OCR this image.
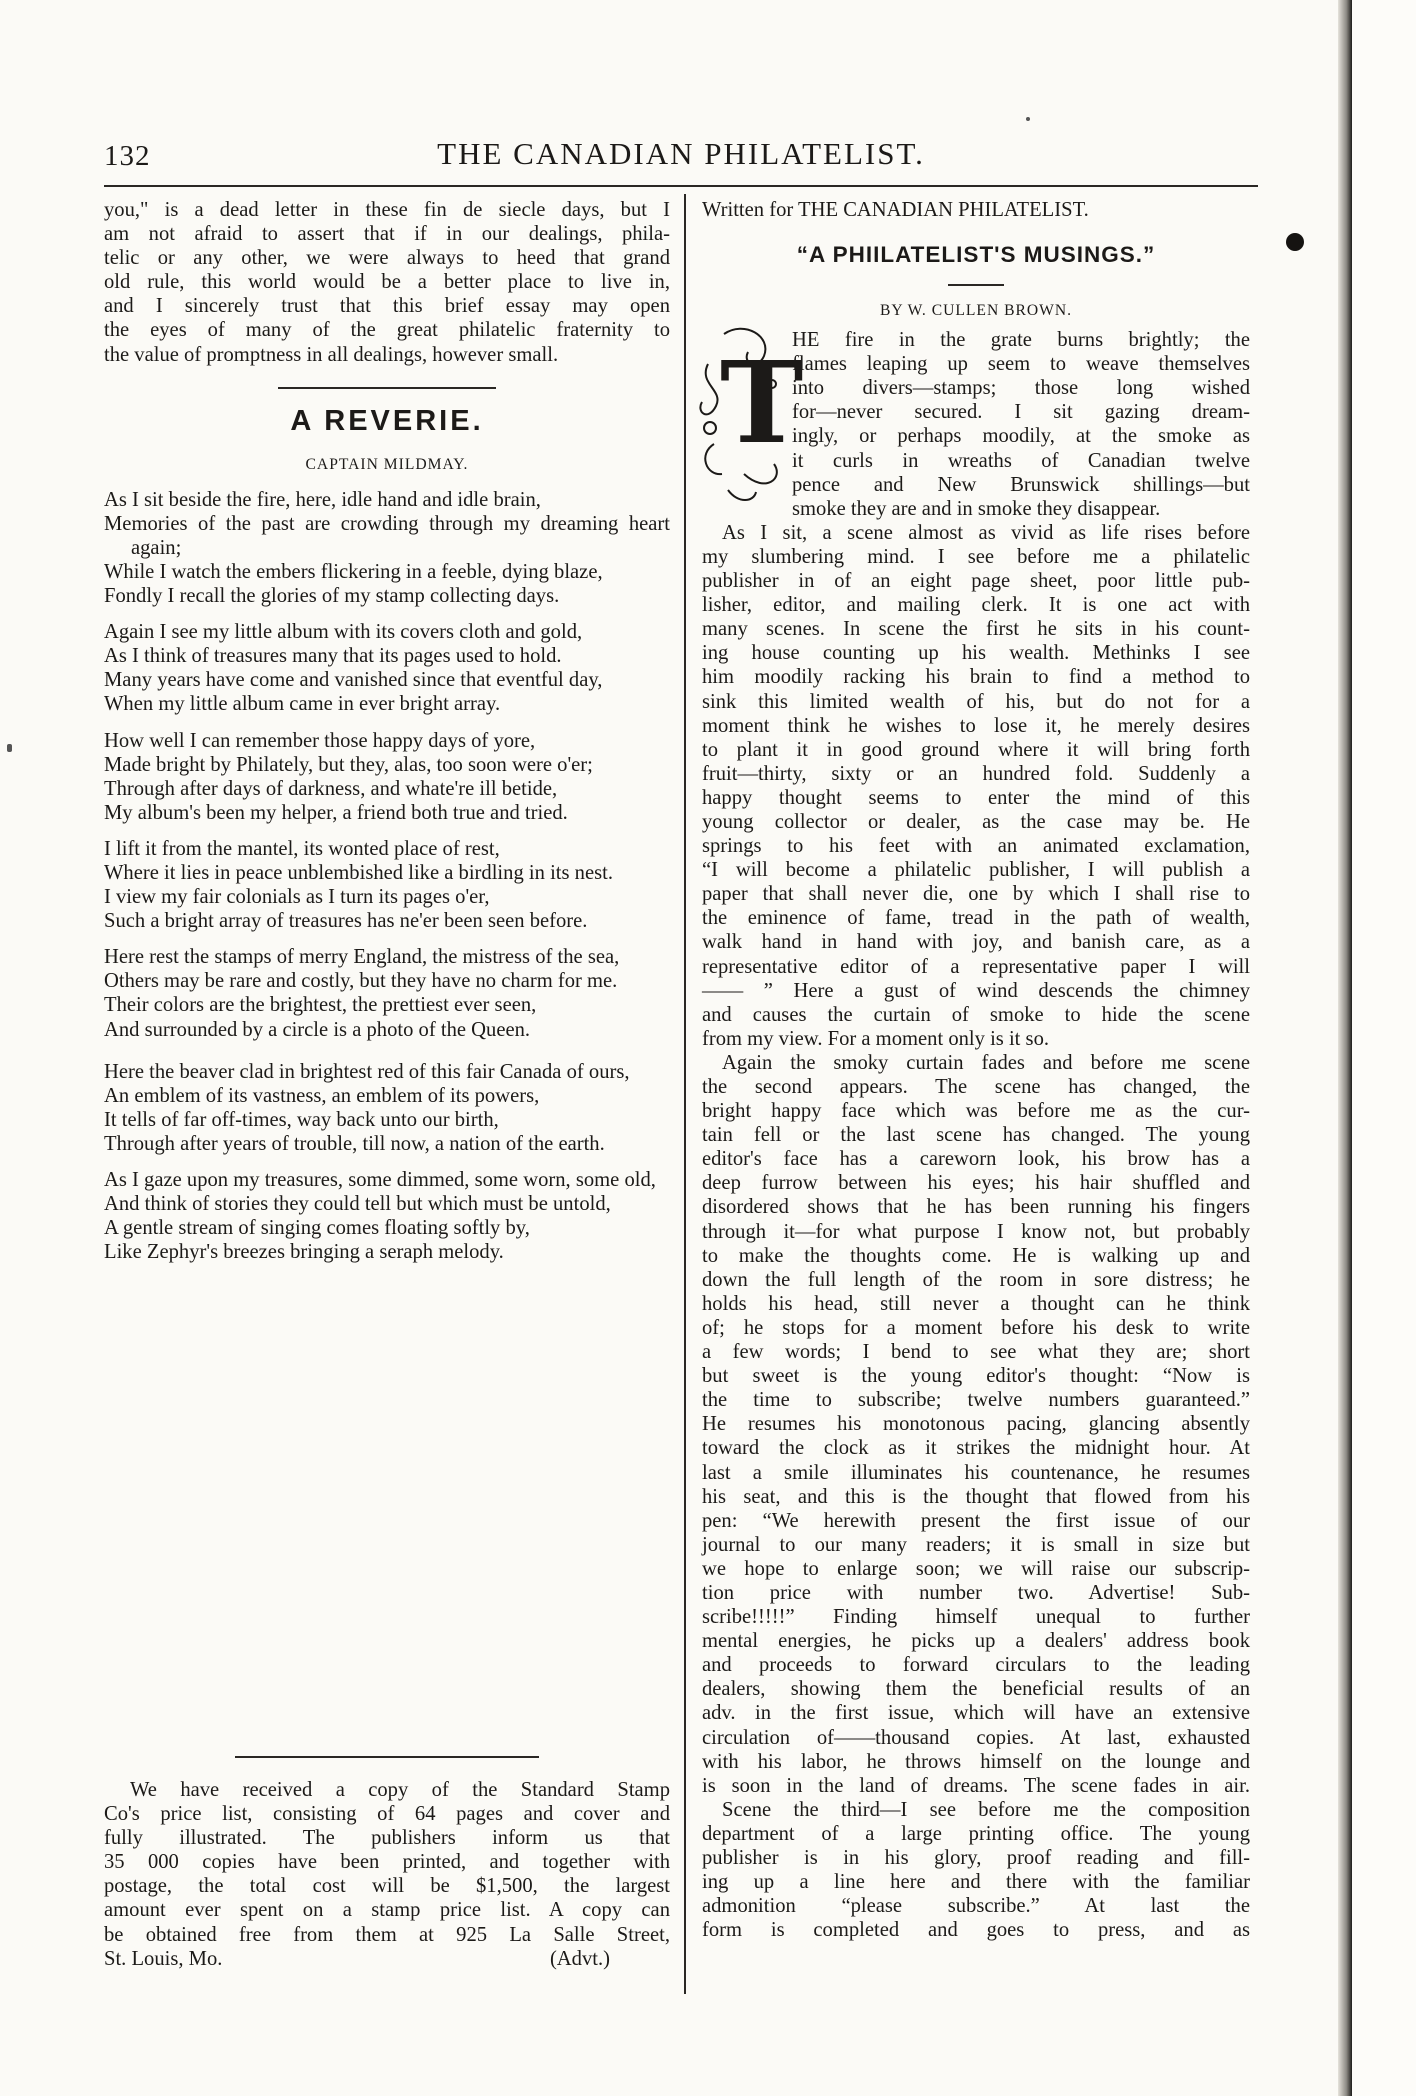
132	THE CANADIAN PHILATELIST.

you," is a dead letter in these fin de siecle days, but I

am not afraid to assert that if in our dealings, phila-

telic or any other, we were always to heed that grand

old rule, this world would be a better place to live in,

and I sincerely trust that this brief essay may open

the eyes of many of the great philatelic fraternity to

the value of promptness in all dealings, however small.

A REVERIE.
CAPTAIN MILDMAY.
As I sit beside the fire, here, idle hand and idle brain,
Memories of the past are crowding through my dreaming heart again;
While I watch the embers flickering in a feeble, dying blaze,
Fondly I recall the glories of my stamp collecting days.
Again I see my little album with its covers cloth and gold,
As I think of treasures many that its pages used to hold.
Many years have come and vanished since that eventful day,
When my little album came in ever bright array.
How well I can remember those happy days of yore,
Made bright by Philately, but they, alas, too soon were o'er;
Through after days of darkness, and whate're ill betide,
My album's been my helper, a friend both true and tried.
I lift it from the mantel, its wonted place of rest,
Where it lies in peace unblembished like a birdling in its nest.
I view my fair colonials as I turn its pages o'er,
Such a bright array of treasures has ne'er been seen before.
Here rest the stamps of merry England, the mistress of the sea,
Others may be rare and costly, but they have no charm for me.
Their colors are the brightest, the prettiest ever seen,
And surrounded by a circle is a photo of the Queen.
Here the beaver clad in brightest red of this fair Canada of ours,
An emblem of its vastness, an emblem of its powers,
It tells of far off-times, way back unto our birth,
Through after years of trouble, till now, a nation of the earth.
As I gaze upon my treasures, some dimmed, some worn, some old,
And think of stories they could tell but which must be untold,
A gentle stream of singing comes floating softly by,
Like Zephyr's breezes bringing a seraph melody.

We have received a copy of the Standard Stamp

Co's price list, consisting of 64 pages and cover and

fully illustrated. The publishers inform us that

35 000 copies have been printed, and together with

postage, the total cost will be $1,500, the largest

amount ever spent on a stamp price list. A copy can

be obtained free from them at 925 La Salle Street,

St. Louis, Mo.	(Advt.)

Written for THE CANADIAN PHILATELIST.

“A PHIILATELIST'S MUSINGS.”
BY W. CULLEN BROWN.
T

HE fire in the grate burns brightly; the

flames leaping up seem to weave themselves

into divers—stamps; those long wished

for—never secured. I sit gazing dream-

ingly, or perhaps moodily, at the smoke as

it curls in wreaths of Canadian twelve

pence and New Brunswick shillings—but

smoke they are and in smoke they disappear.

As I sit, a scene almost as vivid as life rises before

my slumbering mind. I see before me a philatelic

publisher in of an eight page sheet, poor little pub-

lisher, editor, and mailing clerk. It is one act with

many scenes. In scene the first he sits in his count-

ing house counting up his wealth. Methinks I see

him moodily racking his brain to find a method to

sink this limited wealth of his, but do not for a

moment think he wishes to lose it, he merely desires

to plant it in good ground where it will bring forth

fruit—thirty, sixty or an hundred fold. Suddenly a

happy thought seems to enter the mind of this

young collector or dealer, as the case may be. He

springs to his feet with an animated exclamation,

“I will become a philatelic publisher, I will publish a

paper that shall never die, one by which I shall rise to

the eminence of fame, tread in the path of wealth,

walk hand in hand with joy, and banish care, as a

representative editor of a representative paper I will

—— ” Here a gust of wind descends the chimney

and causes the curtain of smoke to hide the scene

from my view. For a moment only is it so.

Again the smoky curtain fades and before me scene

the second appears. The scene has changed, the

bright happy face which was before me as the cur-

tain fell or the last scene has changed. The young

editor's face has a careworn look, his brow has a

deep furrow between his eyes; his hair shuffled and

disordered shows that he has been running his fingers

through it—for what purpose I know not, but probably

to make the thoughts come. He is walking up and

down the full length of the room in sore distress; he

holds his head, still never a thought can he think

of; he stops for a moment before his desk to write

a few words; I bend to see what they are; short

but sweet is the young editor's thought: “Now is

the time to subscribe; twelve numbers guaranteed.”

He resumes his monotonous pacing, glancing absently

toward the clock as it strikes the midnight hour. At

last a smile illuminates his countenance, he resumes

his seat, and this is the thought that flowed from his

pen: “We herewith present the first issue of our

journal to our many readers; it is small in size but

we hope to enlarge soon; we will raise our subscrip-

tion price with number two. Advertise! Sub-

scribe!!!!!” Finding himself unequal to further

mental energies, he picks up a dealers' address book

and proceeds to forward circulars to the leading

dealers, showing them the beneficial results of an

adv. in the first issue, which will have an extensive

circulation of——thousand copies. At last, exhausted

with his labor, he throws himself on the lounge and

is soon in the land of dreams. The scene fades in air.

Scene the third—I see before me the composition

department of a large printing office. The young

publisher is in his glory, proof reading and fill-

ing up a line here and there with the familiar

admonition “please subscribe.” At last the

form is completed and goes to press, and as
